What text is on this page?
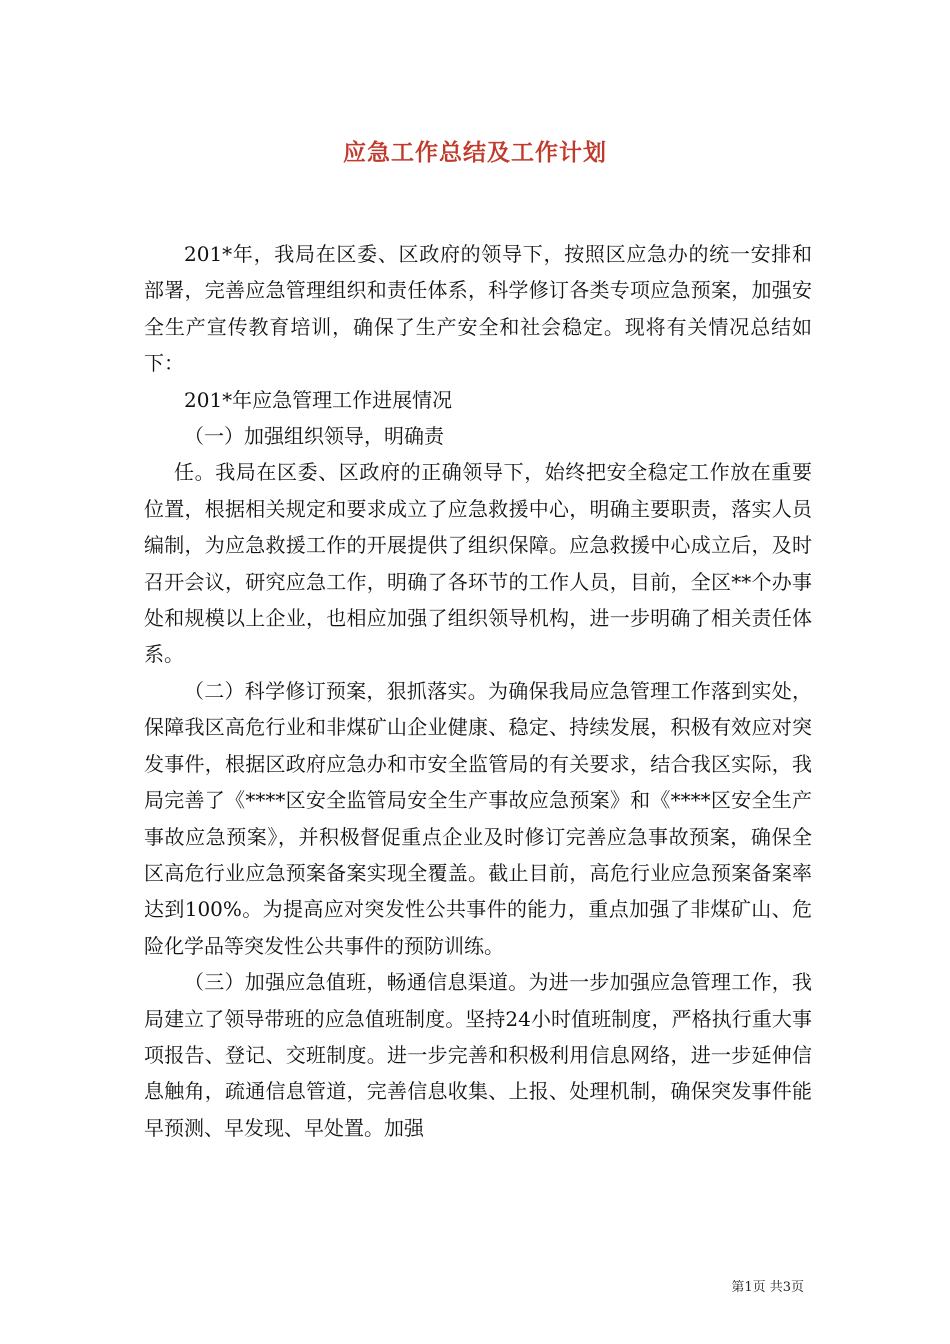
应急工作总结及工作计划

201*年，我局在区委、区政府的领导下，按照区应急办的统一安排和部署，完善应急管理组织和责任体系，科学修订各类专项应急预案，加强安全生产宣传教育培训，确保了生产安全和社会稳定。现将有关情况总结如下：

201*年应急管理工作进展情况

（一）加强组织领导，明确责

任。我局在区委、区政府的正确领导下，始终把安全稳定工作放在重要位置，根据相关规定和要求成立了应急救援中心，明确主要职责，落实人员编制，为应急救援工作的开展提供了组织保障。应急救援中心成立后，及时召开会议，研究应急工作，明确了各环节的工作人员，目前，全区**个办事处和规模以上企业，也相应加强了组织领导机构，进一步明确了相关责任体系。

（二）科学修订预案，狠抓落实。为确保我局应急管理工作落到实处，保障我区高危行业和非煤矿山企业健康、稳定、持续发展，积极有效应对突发事件，根据区政府应急办和市安全监管局的有关要求，结合我区实际，我局完善了《****区安全监管局安全生产事故应急预案》和《****区安全生产事故应急预案》，并积极督促重点企业及时修订完善应急事故预案，确保全区高危行业应急预案备案实现全覆盖。截止目前，高危行业应急预案备案率达到100%。为提高应对突发性公共事件的能力，重点加强了非煤矿山、危险化学品等突发性公共事件的预防训练。

（三）加强应急值班，畅通信息渠道。为进一步加强应急管理工作，我局建立了领导带班的应急值班制度。坚持24小时值班制度，严格执行重大事项报告、登记、交班制度。进一步完善和积极利用信息网络，进一步延伸信息触角，疏通信息管道，完善信息收集、上报、处理机制，确保突发事件能早预测、早发现、早处置。加强

第1页 共3页
